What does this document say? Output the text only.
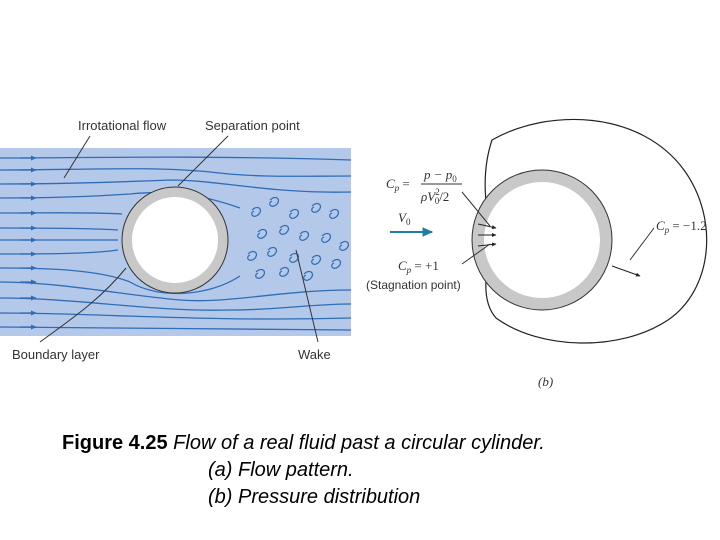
Irrotational flow	Separation point
Boundary layer	Wake
$C_p$ =
$p - p_0$
$\rho V^2$ 0/2
$V_0$
$C_p = +1$
(Stagnation point)
$C_p = -1.2$
(b)
Figure 4.25 Flow of a real fluid past a circular cylinder.
(a) Flow pattern.
(b) Pressure distribution
